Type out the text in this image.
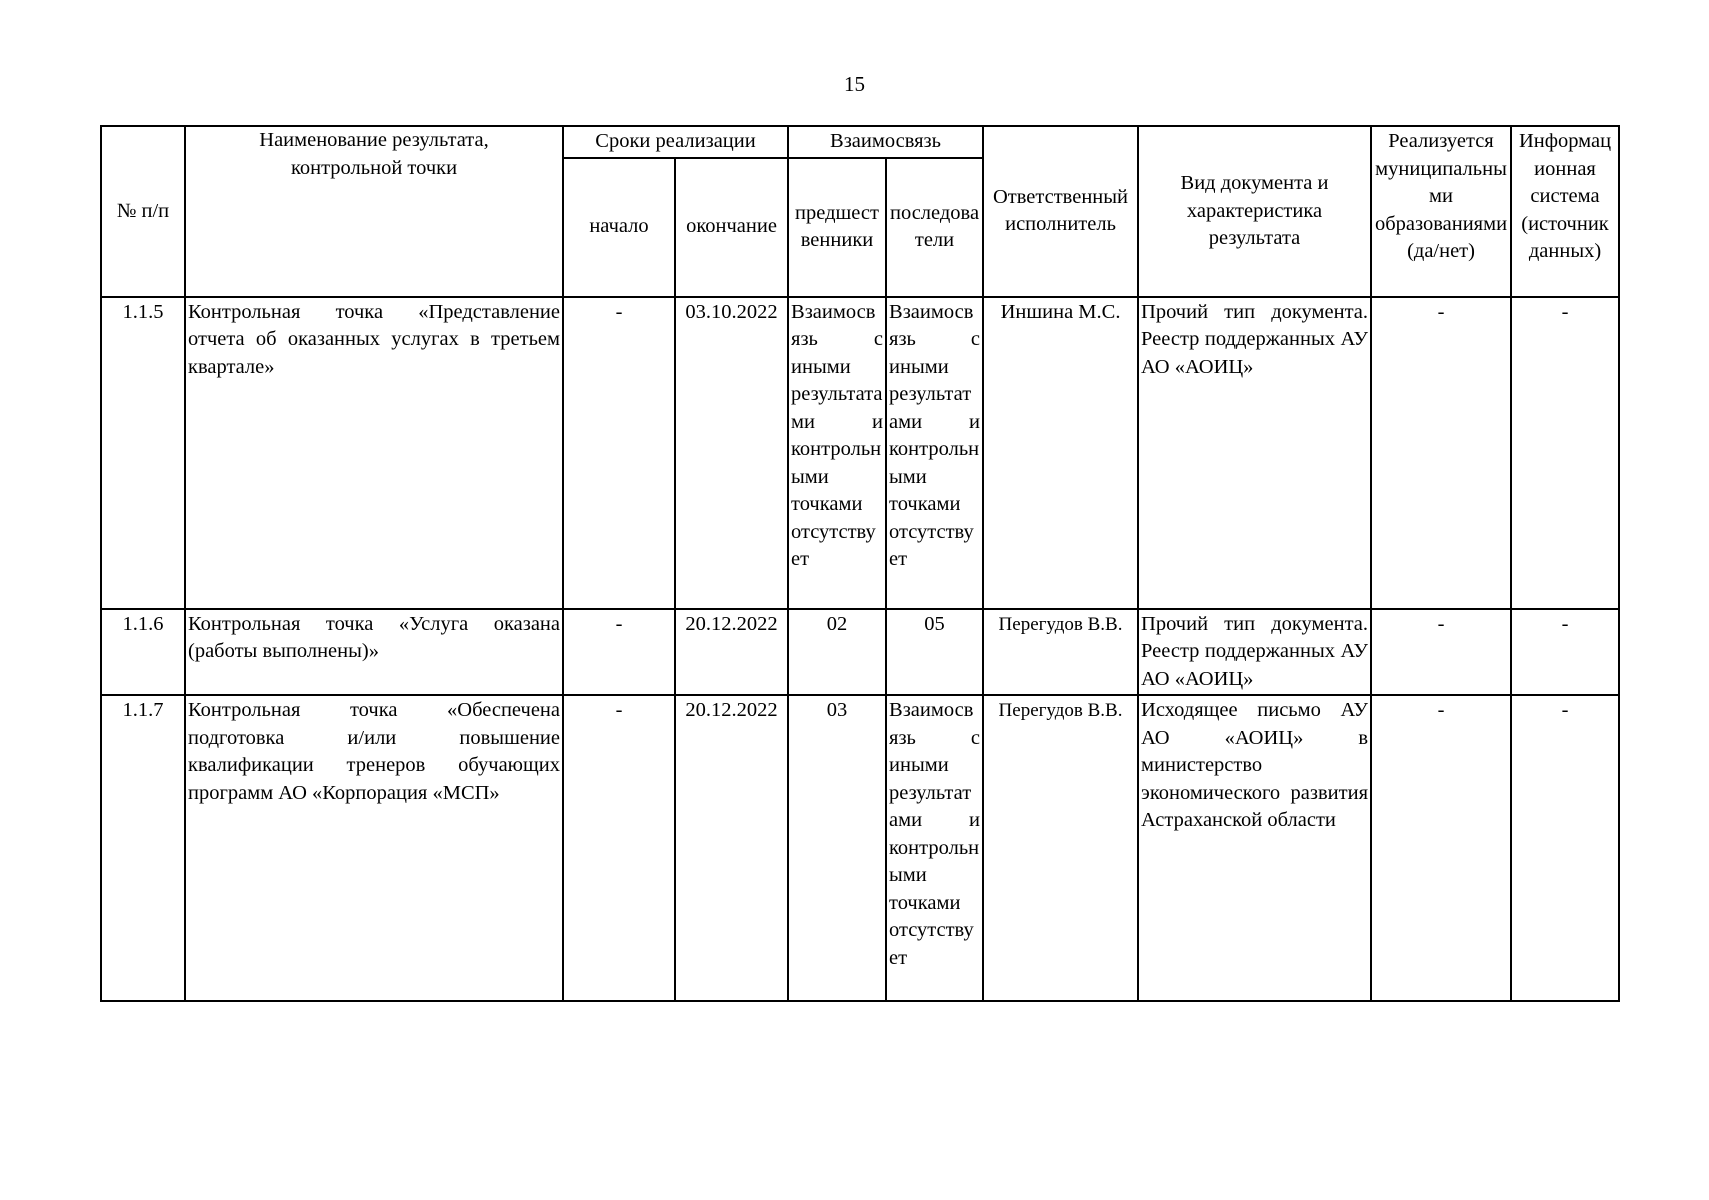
15
№ п/п	Наименование результата, контрольной точки	Сроки реализации		Взаимосвязь		Ответственный исполнитель	Вид документа и характеристика результата	Реализуется муниципальными образованиями (да/нет)	Информационная система (источник данных)
		начало	окончание	предшественники	последователи				
1.1.5	Контрольная точка «Представление отчета об оказанных услугах в третьем квартале»	-	03.10.2022	Взаимосвязь с иными результатами и контрольными точками отсутствует	Взаимосвязь с иными результатами и контрольными точками отсутствует	Иншина М.С.	Прочий тип документа. Реестр поддержанных АУ АО «АОИЦ»	-	-
1.1.6	Контрольная точка «Услуга оказана (работы выполнены)»	-	20.12.2022	02	05	Перегудов В.В.	Прочий тип документа. Реестр поддержанных АУ АО «АОИЦ»	-	-
1.1.7	Контрольная точка «Обеспечена подготовка и/или повышение квалификации тренеров обучающих программ АО «Корпорация «МСП»	-	20.12.2022	03	Взаимосвязь с иными результатами и контрольными точками отсутствует	Перегудов В.В.	Исходящее письмо АУ АО «АОИЦ» в министерство экономического развития Астраханской области	-	-
